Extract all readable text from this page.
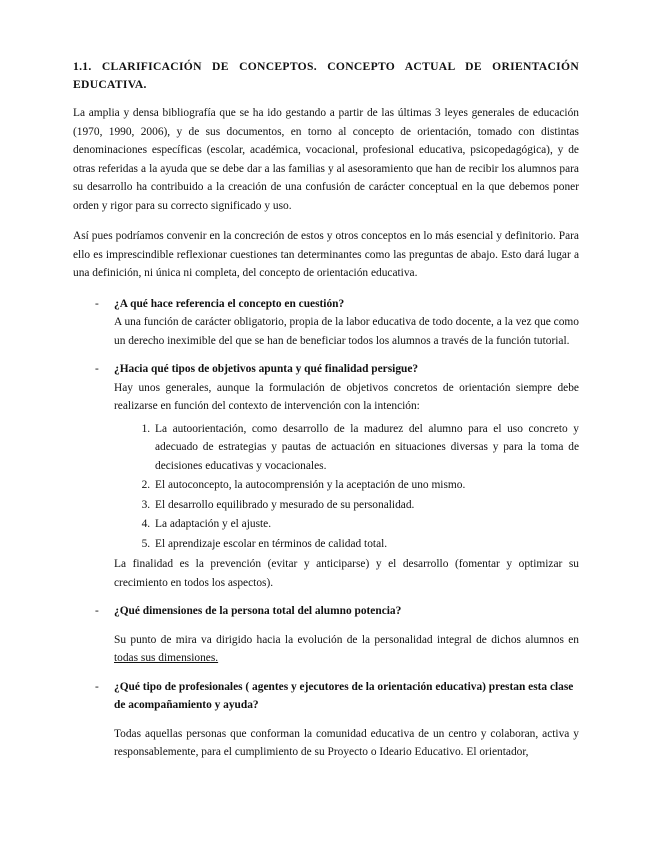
1.1. CLARIFICACIÓN DE CONCEPTOS. CONCEPTO ACTUAL DE ORIENTACIÓN EDUCATIVA.

La amplia y densa bibliografía que se ha ido gestando a partir de las últimas 3 leyes generales de educación (1970, 1990, 2006), y de sus documentos, en torno al concepto de orientación, tomado con distintas denominaciones específicas (escolar, académica, vocacional, profesional educativa, psicopedagógica), y de otras referidas a la ayuda que se debe dar a las familias y al asesoramiento que han de recibir los alumnos para su desarrollo ha contribuido a la creación de una confusión de carácter conceptual en la que debemos poner orden y rigor para su correcto significado y uso.

Así pues podríamos convenir en la concreción de estos y otros conceptos en lo más esencial y definitorio. Para ello es imprescindible reflexionar cuestiones tan determinantes como las preguntas de abajo. Esto dará lugar a una definición, ni única ni completa, del concepto de orientación educativa.

- ¿A qué hace referencia el concepto en cuestión?
A una función de carácter obligatorio, propia de la labor educativa de todo docente, a la vez que como un derecho ineximible del que se han de beneficiar todos los alumnos a través de la función tutorial.
- ¿Hacia qué tipos de objetivos apunta y qué finalidad persigue?
Hay unos generales, aunque la formulación de objetivos concretos de orientación siempre debe realizarse en función del contexto de intervención con la intención:
1. La autoorientación, como desarrollo de la madurez del alumno para el uso concreto y adecuado de estrategias y pautas de actuación en situaciones diversas y para la toma de decisiones educativas y vocacionales.
2. El autoconcepto, la autocomprensión y la aceptación de uno mismo.
3. El desarrollo equilibrado y mesurado de su personalidad.
4. La adaptación y el ajuste.
5. El aprendizaje escolar en términos de calidad total.
La finalidad es la prevención (evitar y anticiparse) y el desarrollo (fomentar y optimizar su crecimiento en todos los aspectos).
- ¿Qué dimensiones de la persona total del alumno potencia?
Su punto de mira va dirigido hacia la evolución de la personalidad integral de dichos alumnos en todas sus dimensiones.
- ¿Qué tipo de profesionales ( agentes y ejecutores de la orientación educativa) prestan esta clase de acompañamiento y ayuda?
Todas aquellas personas que conforman la comunidad educativa de un centro y colaboran, activa y responsablemente, para el cumplimiento de su Proyecto o Ideario Educativo. El orientador,
